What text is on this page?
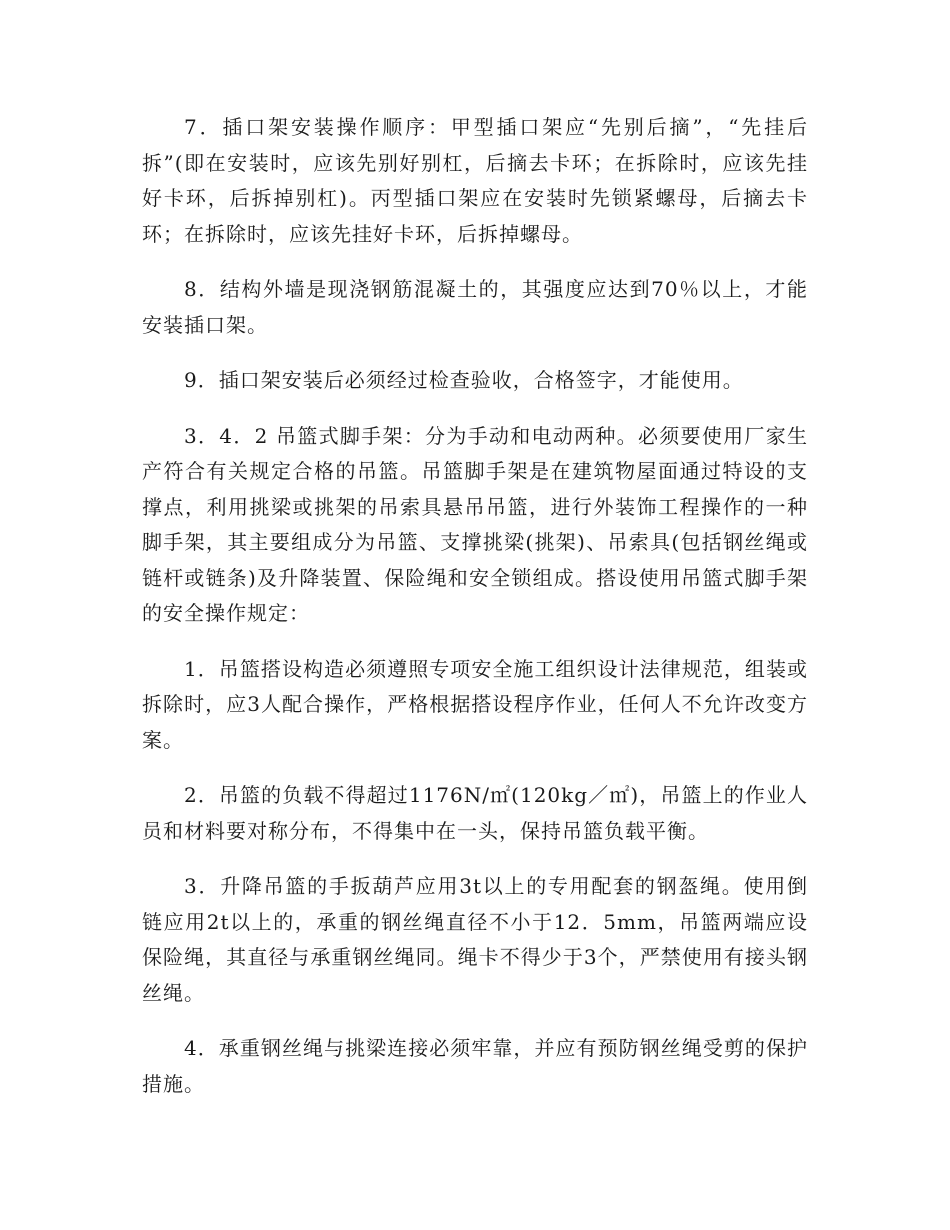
7．插口架安装操作顺序：甲型插口架应“先别后摘”，“先挂后拆”(即在安装时，应该先别好别杠，后摘去卡环；在拆除时，应该先挂好卡环，后拆掉别杠)。丙型插口架应在安装时先锁紧螺母，后摘去卡环；在拆除时，应该先挂好卡环，后拆掉螺母。

8．结构外墙是现浇钢筋混凝土的，其强度应达到70％以上，才能安装插口架。

9．插口架安装后必须经过检查验收，合格签字，才能使用。

3．4．2 吊篮式脚手架：分为手动和电动两种。必须要使用厂家生产符合有关规定合格的吊篮。吊篮脚手架是在建筑物屋面通过特设的支撑点，利用挑梁或挑架的吊索具悬吊吊篮，进行外装饰工程操作的一种脚手架，其主要组成分为吊篮、支撑挑梁(挑架)、吊索具(包括钢丝绳或链杆或链条)及升降装置、保险绳和安全锁组成。搭设使用吊篮式脚手架的安全操作规定：

1．吊篮搭设构造必须遵照专项安全施工组织设计法律规范，组装或拆除时，应3人配合操作，严格根据搭设程序作业，任何人不允许改变方案。

2．吊篮的负载不得超过1176N/㎡(120kg／㎡)，吊篮上的作业人员和材料要对称分布，不得集中在一头，保持吊篮负载平衡。

3．升降吊篮的手扳葫芦应用3t以上的专用配套的钢盔绳。使用倒链应用2t以上的，承重的钢丝绳直径不小于12．5mm，吊篮两端应设保险绳，其直径与承重钢丝绳同。绳卡不得少于3个，严禁使用有接头钢丝绳。

4．承重钢丝绳与挑梁连接必须牢靠，并应有预防钢丝绳受剪的保护措施。
